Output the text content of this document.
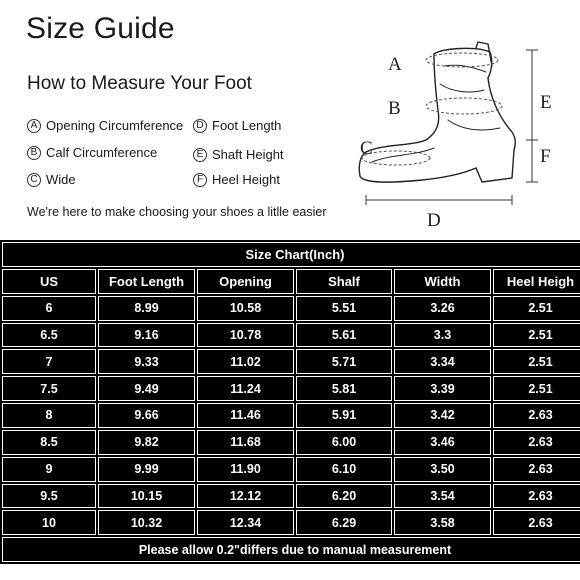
Size Guide
How to Measure Your Foot
A Opening Circumference
B Calf Circumference
C Wide
D Foot Length
E Shaft Height
F Heel Height
We're here to make choosing your shoes a litlle easier
A
B
C
D
E
F
Size Chart(Inch)
US	Foot Length	Opening	Shalf	Width	Heel Heigh
6	8.99	10.58	5.51	3.26	2.51
6.5	9.16	10.78	5.61	3.3	2.51
7	9.33	11.02	5.71	3.34	2.51
7.5	9.49	11.24	5.81	3.39	2.51
8	9.66	11.46	5.91	3.42	2.63
8.5	9.82	11.68	6.00	3.46	2.63
9	9.99	11.90	6.10	3.50	2.63
9.5	10.15	12.12	6.20	3.54	2.63
10	10.32	12.34	6.29	3.58	2.63
Please allow 0.2"differs due to manual measurement
